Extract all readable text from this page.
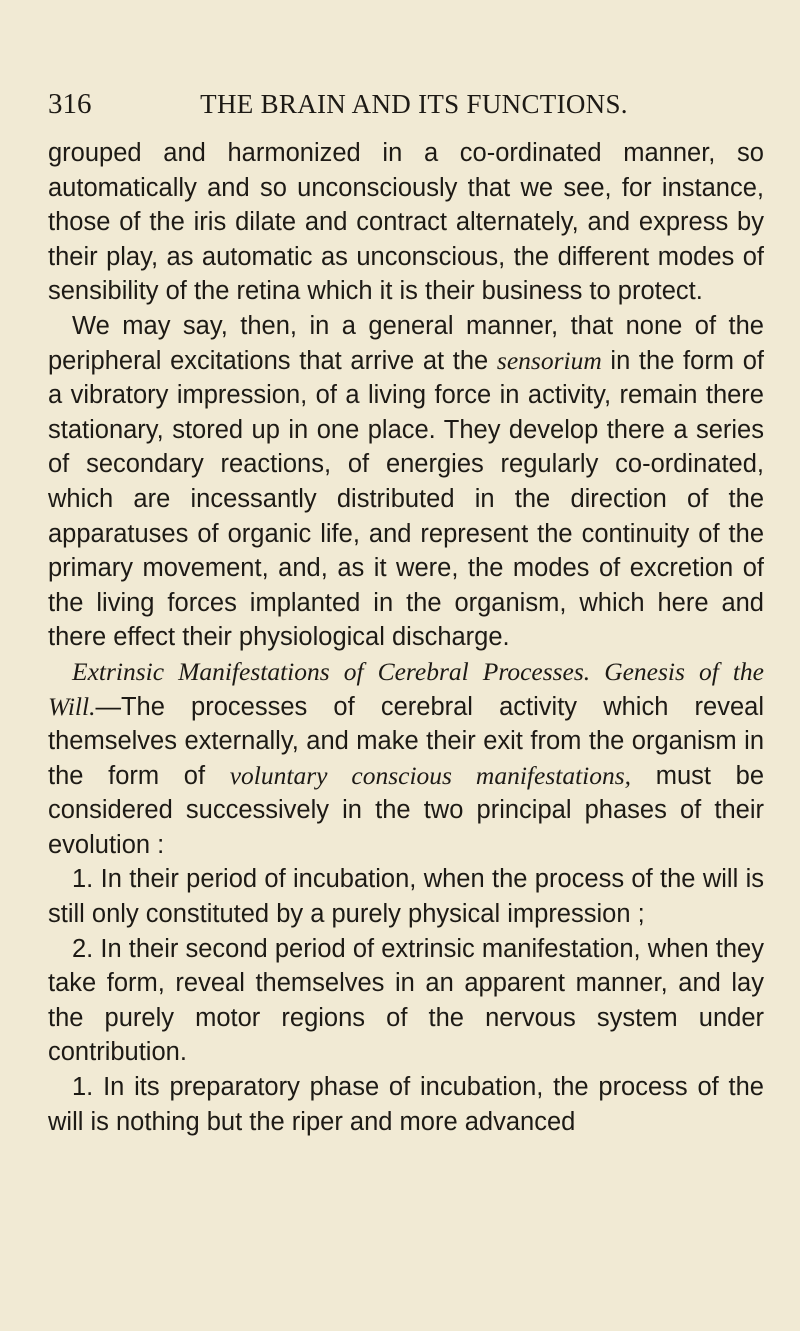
316	THE BRAIN AND ITS FUNCTIONS.

grouped and harmonized in a co-ordinated manner, so automatically and so unconsciously that we see, for instance, those of the iris dilate and contract alternately, and express by their play, as automatic as unconscious, the different modes of sensibility of the retina which it is their business to protect.

We may say, then, in a general manner, that none of the peripheral excitations that arrive at the sensorium in the form of a vibratory impression, of a living force in activity, remain there stationary, stored up in one place. They develop there a series of secondary reactions, of energies regularly co-ordinated, which are incessantly distributed in the direction of the apparatuses of organic life, and represent the continuity of the primary movement, and, as it were, the modes of excretion of the living forces implanted in the organism, which here and there effect their physiological discharge.

Extrinsic Manifestations of Cerebral Processes. Genesis of the Will.—The processes of cerebral activity which reveal themselves externally, and make their exit from the organism in the form of voluntary conscious manifestations, must be considered successively in the two principal phases of their evolution :

1. In their period of incubation, when the process of the will is still only constituted by a purely physical impression ;

2. In their second period of extrinsic manifestation, when they take form, reveal themselves in an apparent manner, and lay the purely motor regions of the nervous system under contribution.

1. In its preparatory phase of incubation, the process of the will is nothing but the riper and more advanced
